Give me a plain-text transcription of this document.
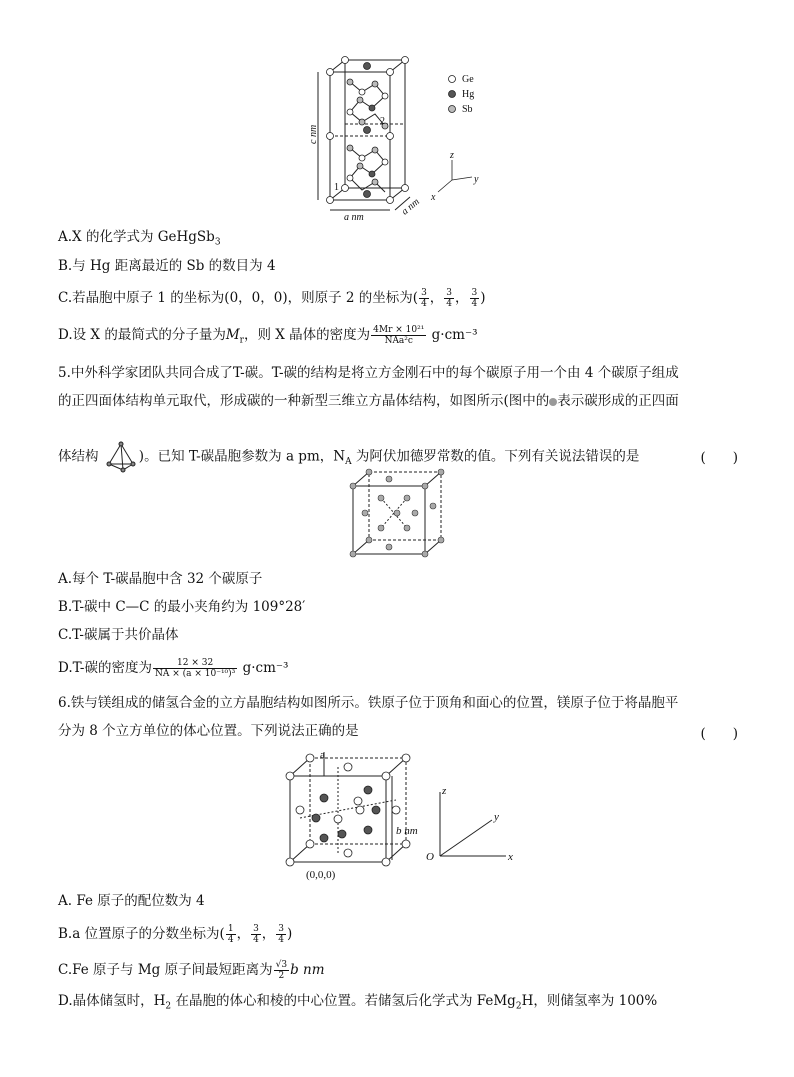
Ge
Hg
Sb
c nm
a nm
a nm
1
2
z
y
x
A.X 的化学式为 GeHgSb$_3$
B.与 Hg 距离最近的 Sb 的数目为 4
C.若晶胞中原子 1 的坐标为(0，0，0)，则原子 2 的坐标为( $\frac{3}{4}$ ， $\frac{3}{4}$ ， $\frac{3}{4}$ )
D.设 X 的最简式的分子量为$M_r$，则 X 晶体的密度为 $\frac{\text{4Mr × 10²¹}}{\text{NAa²c}} g\cdot cm^{-3}$
5.中外科学家团队共同合成了T-碳。T-碳的结构是将立方金刚石中的每个碳原子用一个由 4 个碳原子组成
的正四面体结构单元取代，形成碳的一种新型三维立方晶体结构，如图所示(图中的 表示碳形成的正四面
体结构	)。已知 T-碳晶胞参数为 a pm，$N_A$ 为阿伏加德罗常数的值。下列有关说法错误的是	(　　)
A.每个 T-碳晶胞中含 32 个碳原子
B.T-碳中 C—C 的最小夹角约为 109°28′
C.T-碳属于共价晶体
D.T-碳的密度为 $\frac{12 \times 32}{\text{NA × (a × 10⁻¹⁰)³}} g\cdot cm^{-3}$
6.铁与镁组成的储氢合金的立方晶胞结构如图所示。铁原子位于顶角和面心的位置，镁原子位于将晶胞平
分为 8 个立方单位的体心位置。下列说法正确的是	(　　)
a
b nm
(0,0,0)
z
y
x
O
A. Fe 原子的配位数为 4
B.a 位置原子的分数坐标为( $\frac{1}{4}$ ， $\frac{3}{4}$ ， $\frac{3}{4}$ )
C.Fe 原子与 Mg 原子间最短距离为 $\frac{√3}{2}$ b nm
D.晶体储氢时，$H_2$ 在晶胞的体心和棱的中心位置。若储氢后化学式为 FeMg$_2$H，则储氢率为 100%
